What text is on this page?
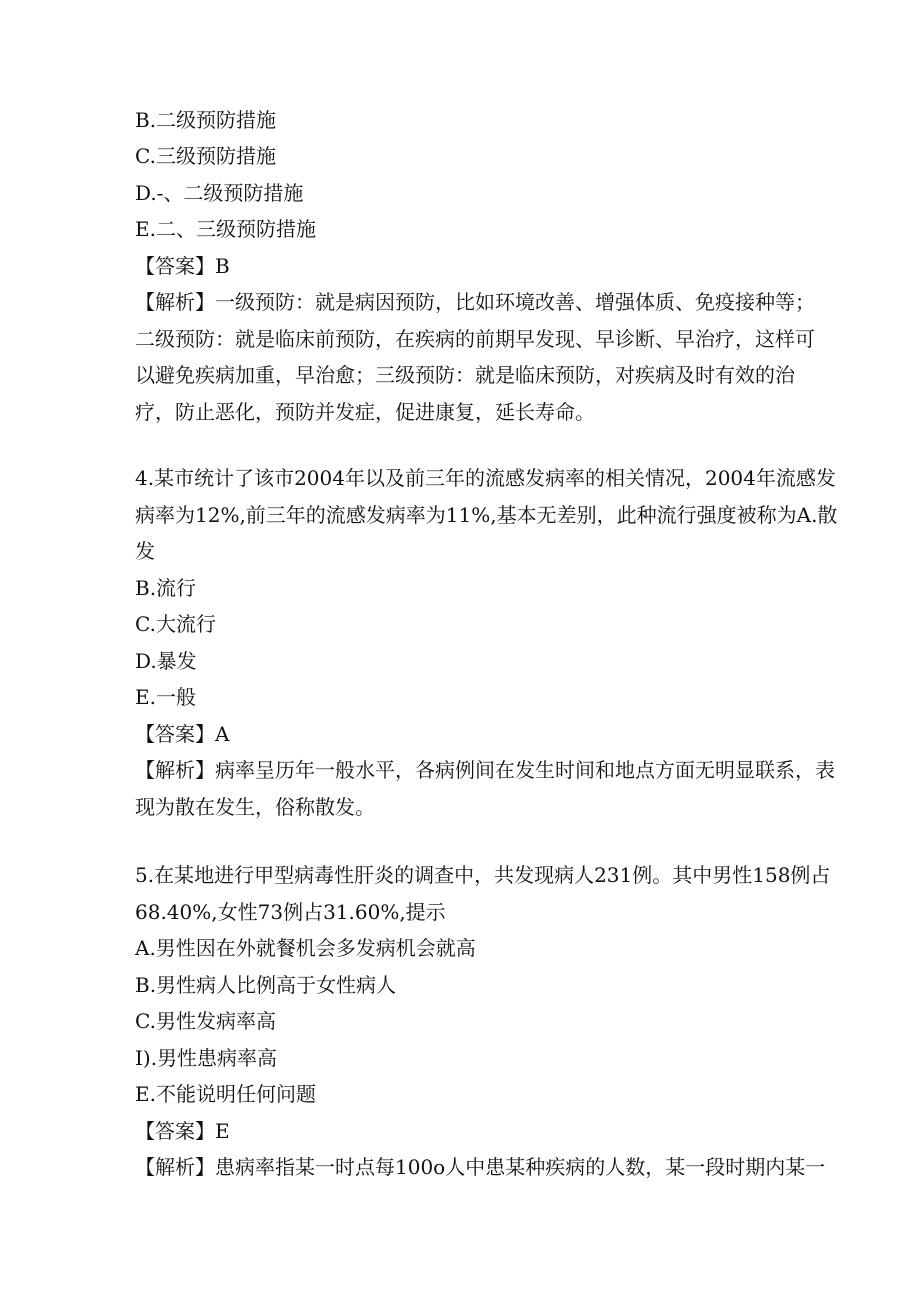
B.二级预防措施
C.三级预防措施
D.-、二级预防措施
E.二、三级预防措施
【答案】B
【解析】一级预防：就是病因预防，比如环境改善、增强体质、免疫接种等；
二级预防：就是临床前预防，在疾病的前期早发现、早诊断、早治疗，这样可
以避免疾病加重，早治愈；三级预防：就是临床预防，对疾病及时有效的治
疗，防止恶化，预防并发症，促进康复，延长寿命。
4.某市统计了该市2004年以及前三年的流感发病率的相关情况，2004年流感发
病率为12%,前三年的流感发病率为11%,基本无差别，此种流行强度被称为A.散
发
B.流行
C.大流行
D.暴发
E.一般
【答案】A
【解析】病率呈历年一般水平，各病例间在发生时间和地点方面无明显联系，表
现为散在发生，俗称散发。
5.在某地进行甲型病毒性肝炎的调查中，共发现病人231例。其中男性158例占
68.40%,女性73例占31.60%,提示
A.男性因在外就餐机会多发病机会就高
B.男性病人比例高于女性病人
C.男性发病率高
I).男性患病率高
E.不能说明任何问题
【答案】E
【解析】患病率指某一时点每100o人中患某种疾病的人数，某一段时期内某一
